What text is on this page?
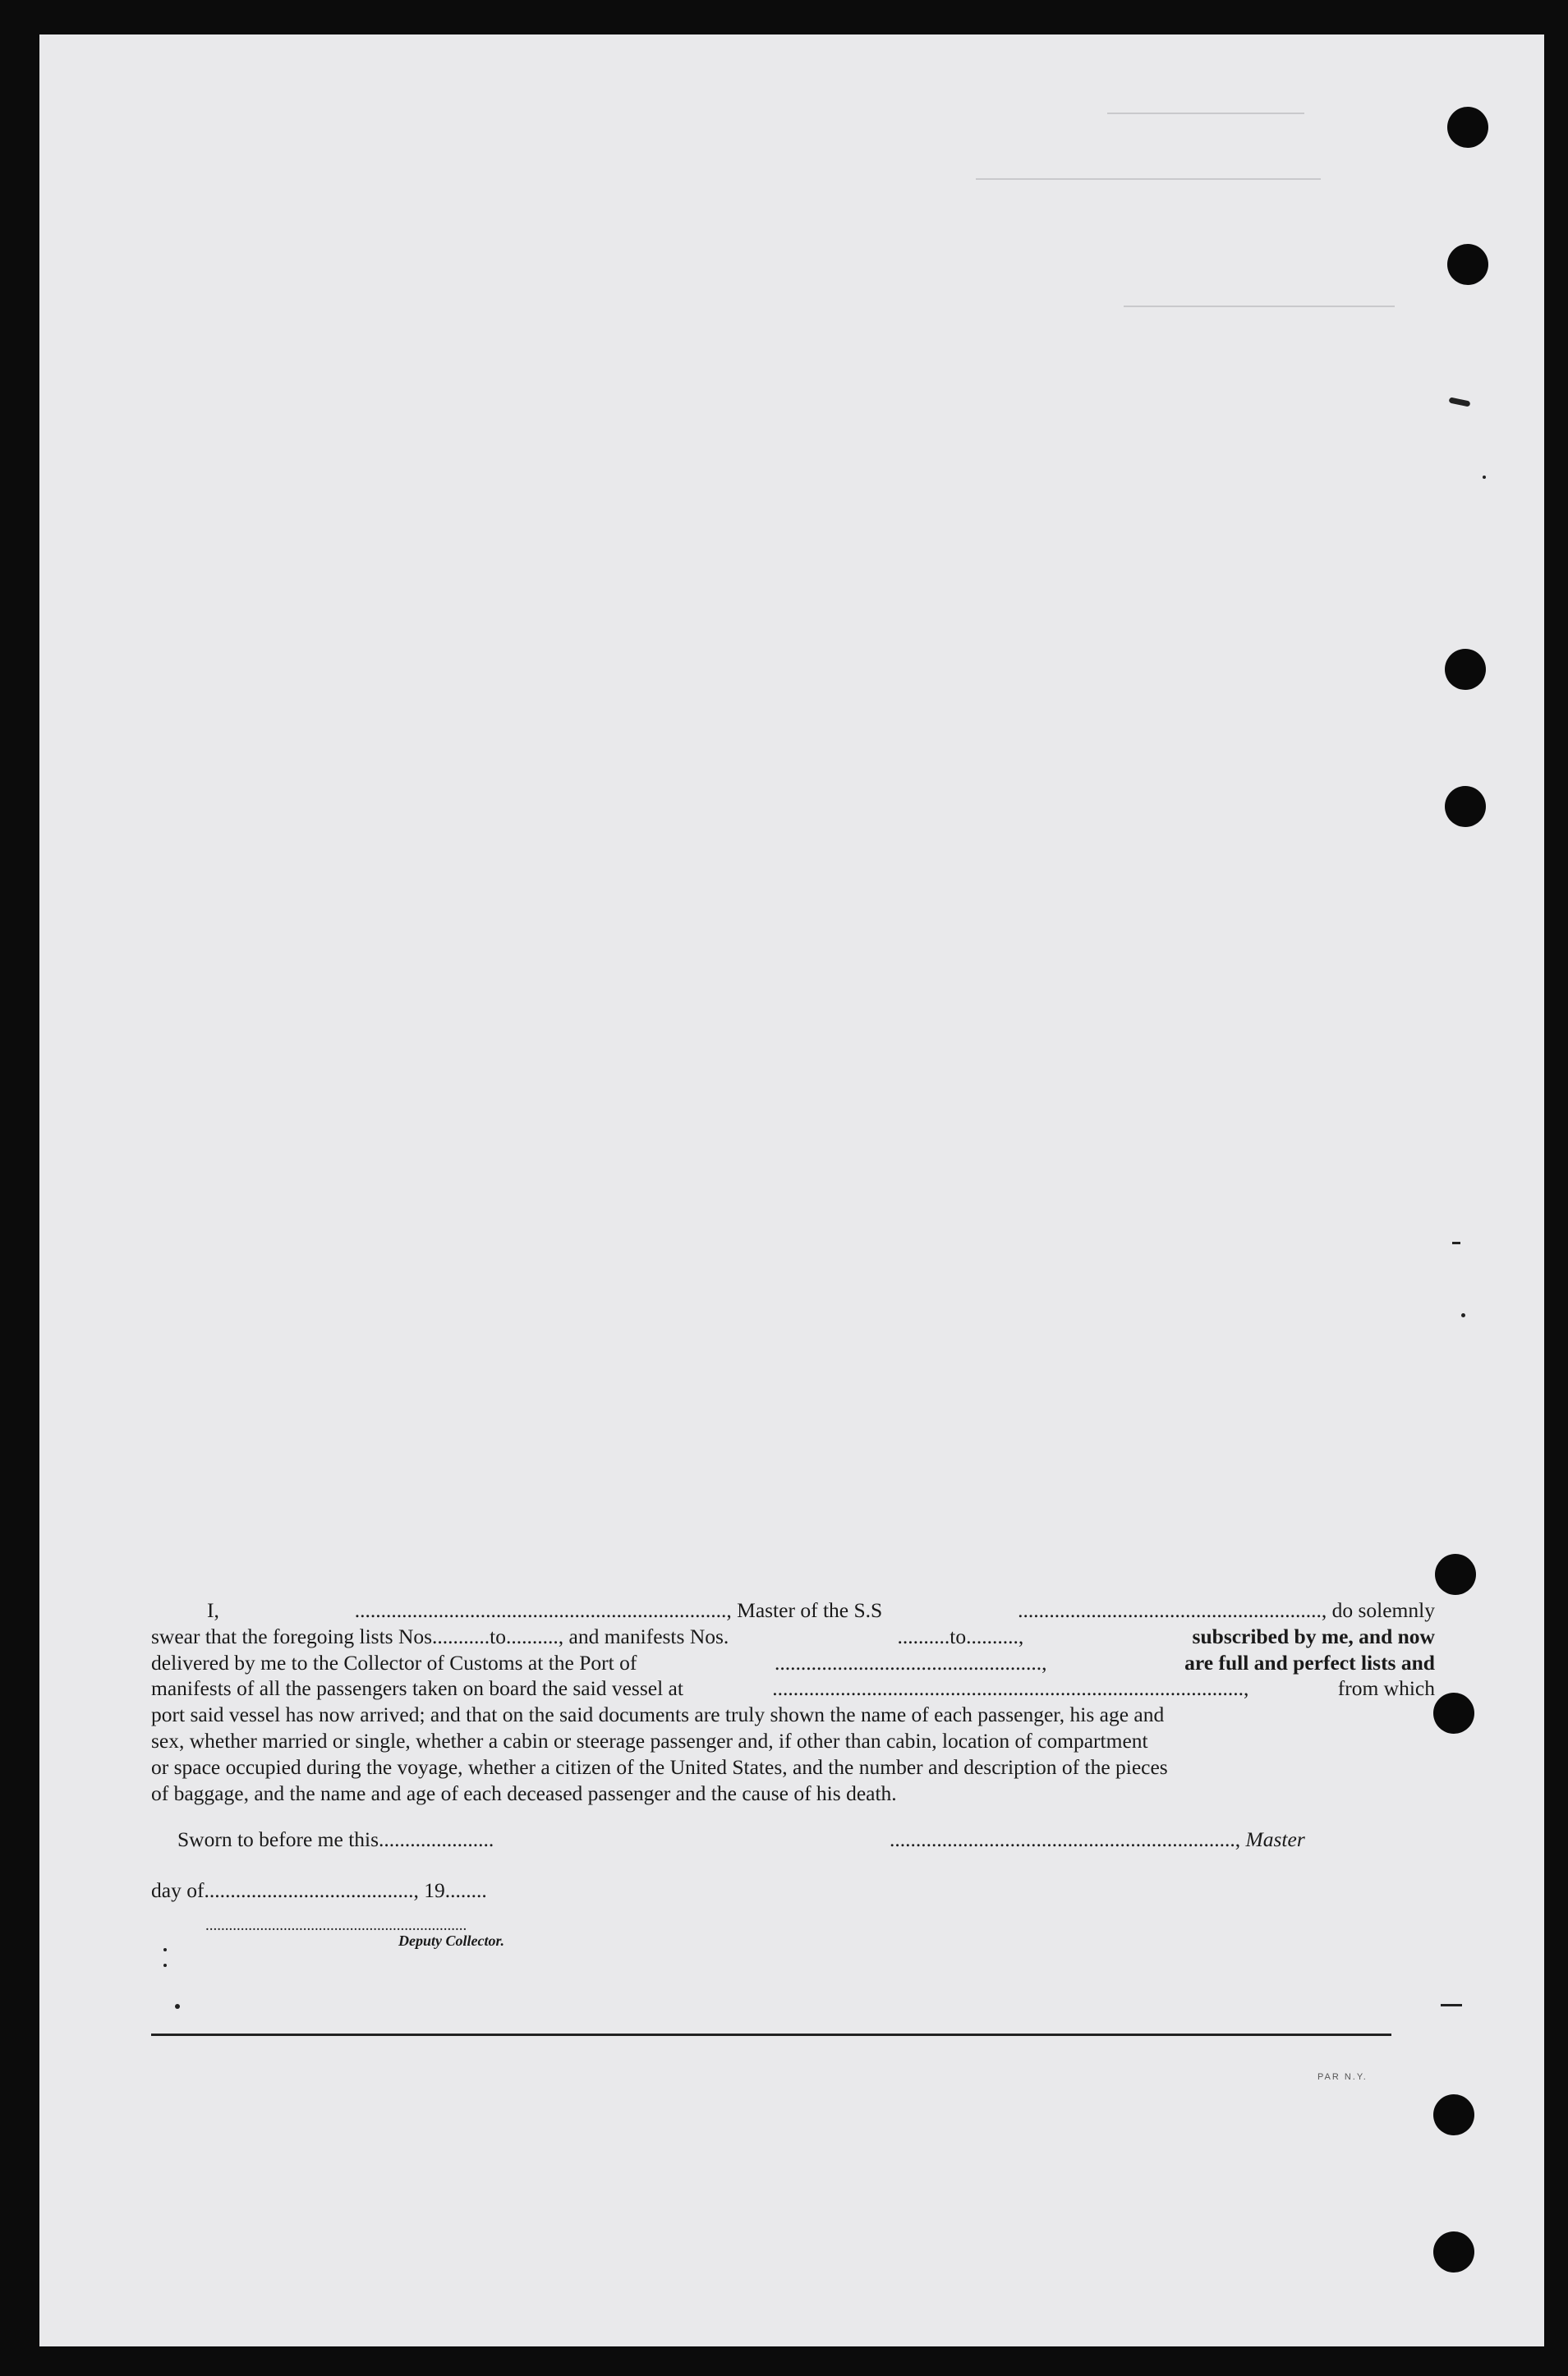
I,	......................................................................., Master of the S.S	.........................................................., do solemnly
swear that the foregoing lists Nos...........to.........., and manifests Nos.	..........to..........,	subscribed by me, and now
delivered by me to the Collector of Customs at the Port of	...................................................,	are full and perfect lists and
manifests of all the passengers taken on board the said vessel at	..........................................................................................,	from which
port said vessel has now arrived; and that on the said documents are truly shown the name of each passenger, his age and
sex, whether married or single, whether a cabin or steerage passenger and, if other than cabin, location of compartment
or space occupied during the voyage, whether a citizen of the United States, and the number and description of the pieces
of baggage, and the name and age of each deceased passenger and the cause of his death.
Sworn to before me this......................	.................................................................., Master
day of........................................, 19........
...................................................................
Deputy Collector.
PAR N.Y.
